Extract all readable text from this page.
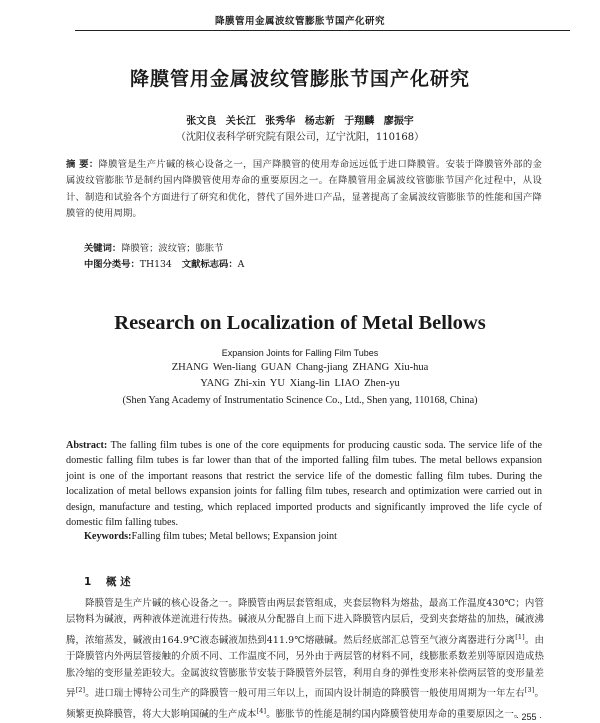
降膜管用金属波纹管膨胀节国产化研究
降膜管用金属波纹管膨胀节国产化研究
张文良 关长江 张秀华 杨志新 于翔麟 廖振宇
（沈阳仪表科学研究院有限公司，辽宁沈阳，110168）
摘 要：降膜管是生产片碱的核心设备之一，国产降膜管的使用寿命远远低于进口降膜管。安装于降膜管外部的金属波纹管膨胀节是制约国内降膜管使用寿命的重要原因之一。在降膜管用金属波纹管膨胀节国产化过程中，从设计、制造和试验各个方面进行了研究和优化，替代了国外进口产品，显著提高了金属波纹管膨胀节的性能和国产降膜管的使用周期。
关键词：降膜管；波纹管；膨胀节
中图分类号：TH134 文献标志码：A
Research on Localization of Metal Bellows
Expansion Joints for Falling Film Tubes
ZHANG Wen-liang GUAN Chang-jiang ZHANG Xiu-hua
YANG Zhi-xin YU Xiang-lin LIAO Zhen-yu
(Shen Yang Academy of Instrumentatio Scinence Co., Ltd., Shen yang, 110168, China)
Abstract: The falling film tubes is one of the core equipments for producing caustic soda. The service life of the domestic falling film tubes is far lower than that of the imported falling film tubes. The metal bellows expansion joint is one of the important reasons that restrict the service life of the domestic falling film tubes. During the localization of metal bellows expansion joints for falling film tubes, research and optimization were carried out in design, manufacture and testing, which replaced imported products and significantly improved the life cycle of domestic film falling tubes.
Keywords:Falling film tubes; Metal bellows; Expansion joint
1 概 述
　　降膜管是生产片碱的核心设备之一。降膜管由两层套管组成，夹套层物料为熔盐，最高工作温度430℃；内管层物料为碱液，两种液体逆流进行传热。碱液从分配器自上而下进入降膜管内层后，受到夹套熔盐的加热，碱液沸腾，浓缩蒸发，碱液由164.9℃液态碱液加热到411.9℃熔融碱。然后经底部汇总管至气液分离器进行分离[1]。由于降膜管内外两层管接触的介质不同、工作温度不同，另外由于两层管的材料不同，线膨胀系数差别等原因造成热胀冷缩的变形量差距较大。金属波纹管膨胀节安装于降膜管外层管，利用自身的弹性变形来补偿两层管的变形量差异[2]。进口瑞士博特公司生产的降膜管一般可用三年以上，而国内设计制造的降膜管一般使用周期为一年左右[3]。频繁更换降膜管，将大大影响国碱的生产成本[4]。膨胀节的性能是制约国内降膜管使用寿命的重要原因之一。
· 255 ·
